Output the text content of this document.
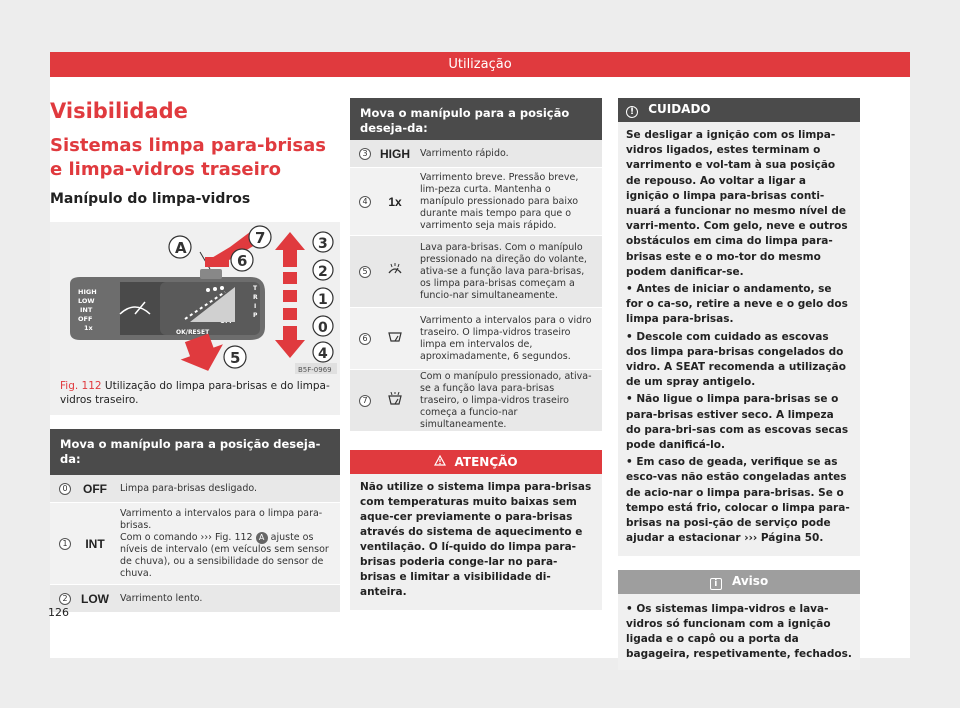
Utilização
Visibilidade
Sistemas limpa para-brisas e limpa-vidros traseiro
Manípulo do limpa-vidros
HIGH
LOW
INT
OFF
1x
OK/RESET
T
R
I
P
A
7
6
5
3
2
1
0
4
B5F-0969
Fig. 112 Utilização do limpa para-brisas e do limpa-vidros traseiro.
Mova o manípulo para a posição deseja-da:
0 OFF	Limpa para-brisas desligado.
1	INT
Varrimento a intervalos para o limpa para-brisas.
Com o comando ››› Fig. 112 A ajuste os níveis de intervalo (em veículos sem sensor de chuva), ou a sensibilidade do sensor de chuva.
2 LOW	Varrimento lento.
Mova o manípulo para a posição deseja-da:
3 HIGH	Varrimento rápido.
4	1x
Varrimento breve. Pressão breve, lim-peza curta. Mantenha o manípulo pressionado para baixo durante mais tempo para que o varrimento seja mais rápido.
5
Lava para-brisas. Com o manípulo pressionado na direção do volante, ativa-se a função lava para-brisas, os limpa para-brisas começam a funcio-nar simultaneamente.
6
Varrimento a intervalos para o vidro traseiro. O limpa-vidros traseiro limpa em intervalos de, aproximadamente, 6 segundos.
7
Com o manípulo pressionado, ativa-se a função lava para-brisas traseiro, o limpa-vidros traseiro começa a funcio-nar simultaneamente.
ATENÇÃO
Não utilize o sistema limpa para-brisas com temperaturas muito baixas sem aque-cer previamente o para-brisas através do sistema de aquecimento e ventilação. O lí-quido do limpa para-brisas poderia conge-lar no para-brisas e limitar a visibilidade di-anteira.
! CUIDADO

Se desligar a ignição com os limpa-vidros ligados, estes terminam o varrimento e vol-tam à sua posição de repouso. Ao voltar a ligar a ignição o limpa para-brisas conti-nuará a funcionar no mesmo nível de varri-mento. Com gelo, neve e outros obstáculos em cima do limpa para-brisas este e o mo-tor do mesmo podem danificar-se.

• Antes de iniciar o andamento, se for o ca-so, retire a neve e o gelo dos limpa para-brisas.

• Descole com cuidado as escovas dos limpa para-brisas congelados do vidro. A SEAT recomenda a utilização de um spray antigelo.

• Não ligue o limpa para-brisas se o para-brisas estiver seco. A limpeza do para-bri-sas com as escovas secas pode danificá-lo.

• Em caso de geada, verifique se as esco-vas não estão congeladas antes de acio-nar o limpa para-brisas. Se o tempo está frio, colocar o limpa para-brisas na posi-ção de serviço pode ajudar a estacionar ››› Página 50.

i Aviso
• Os sistemas limpa-vidros e lava-vidros só funcionam com a ignição ligada e o capô ou a porta da bagageira, respetivamente, fechados.
126
